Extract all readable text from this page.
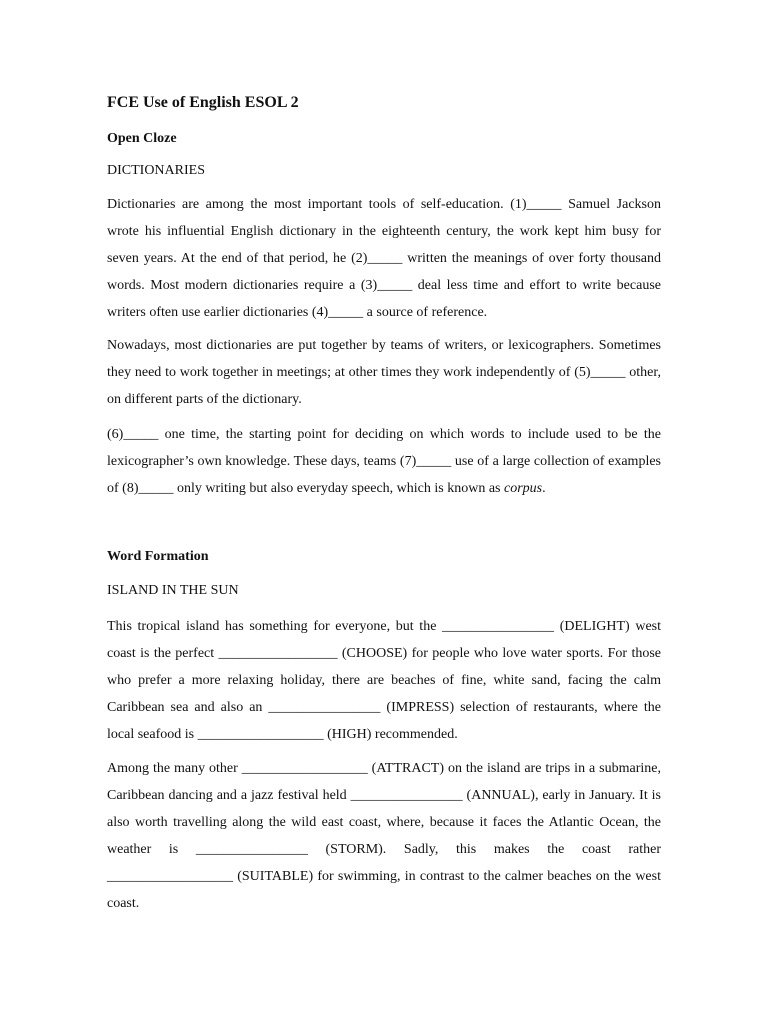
FCE Use of English ESOL 2
Open Cloze
DICTIONARIES

Dictionaries are among the most important tools of self-education. (1)_____ Samuel Jackson wrote his influential English dictionary in the eighteenth century, the work kept him busy for seven years. At the end of that period, he (2)_____ written the meanings of over forty thousand words. Most modern dictionaries require a (3)_____ deal less time and effort to write because writers often use earlier dictionaries (4)_____ a source of reference.

Nowadays, most dictionaries are put together by teams of writers, or lexicographers. Sometimes they need to work together in meetings; at other times they work independently of (5)_____ other, on different parts of the dictionary.

(6)_____ one time, the starting point for deciding on which words to include used to be the lexicographer’s own knowledge. These days, teams (7)_____ use of a large collection of examples of (8)_____ only writing but also everyday speech, which is known as corpus.

Word Formation
ISLAND IN THE SUN

This tropical island has something for everyone, but the ________________ (DELIGHT) west coast is the perfect _________________ (CHOOSE) for people who love water sports. For those who prefer a more relaxing holiday, there are beaches of fine, white sand, facing the calm Caribbean sea and also an ________________ (IMPRESS) selection of restaurants, where the local seafood is __________________ (HIGH) recommended.

Among the many other __________________ (ATTRACT) on the island are trips in a submarine, Caribbean dancing and a jazz festival held ________________ (ANNUAL), early in January. It is also worth travelling along the wild east coast, where, because it faces the Atlantic Ocean, the weather is ________________ (STORM). Sadly, this makes the coast rather __________________ (SUITABLE) for swimming, in contrast to the calmer beaches on the west coast.
